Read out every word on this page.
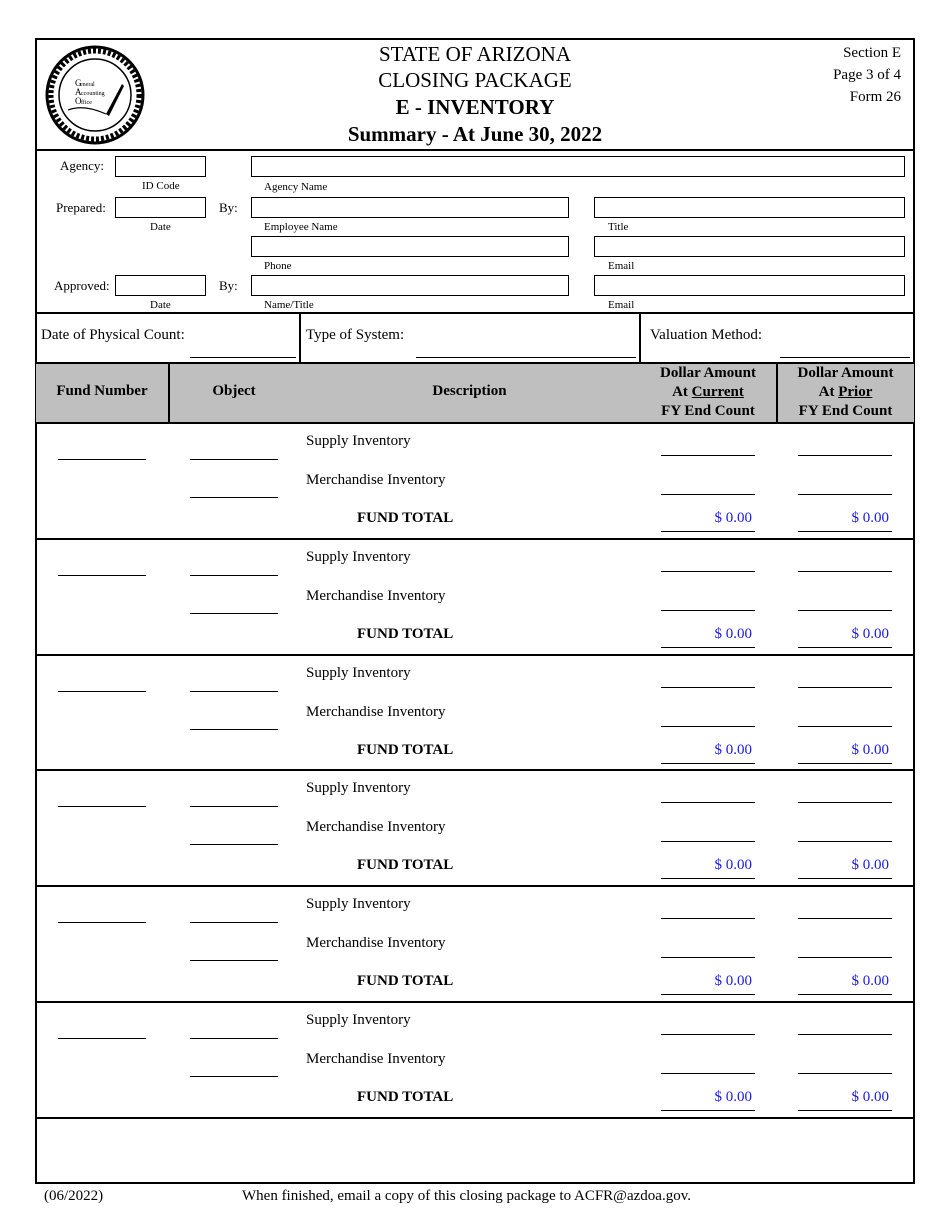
G
eneral
A ccounting
O ffice
STATE OF ARIZONA
CLOSING PACKAGE
E - INVENTORY
Summary - At June 30, 2022
Section E
Page 3 of 4
Form 26
Agency:
ID Code	Agency Name
Prepared:	By:
Date	Employee Name	Title
Phone	Email
Approved:	By:
Date	Name/Title	Email
Date of Physical Count:	Type of System:	Valuation Method:
Fund Number	Object	Description
Dollar Amount
At Current
FY End Count
Dollar Amount
At Prior
FY End Count
Supply Inventory
Merchandise Inventory
FUND TOTAL	$ 0.00	$ 0.00
Supply Inventory
Merchandise Inventory
FUND TOTAL	$ 0.00	$ 0.00
Supply Inventory
Merchandise Inventory
FUND TOTAL	$ 0.00	$ 0.00
Supply Inventory
Merchandise Inventory
FUND TOTAL	$ 0.00	$ 0.00
Supply Inventory
Merchandise Inventory
FUND TOTAL	$ 0.00	$ 0.00
Supply Inventory
Merchandise Inventory
FUND TOTAL	$ 0.00	$ 0.00
(06/2022)	When finished, email a copy of this closing package to ACFR@azdoa.gov.
